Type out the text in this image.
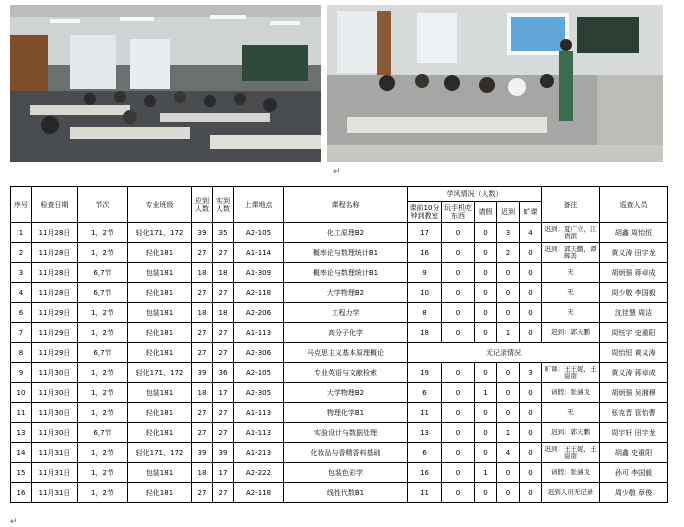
↵
序号	检查日期	节次	专业班级	应到人数	实到人数	上课地点	课程名称	学风情况（人数）					备注	巡查人员
								课前10分钟到教室	玩手机吃东西	请假	迟到	旷课		
1	11月28日	1，2节	轻化171、172	39	35	A2-105	化工原理B2	17	0	0	3	4	迟到：夏广立，江语滨	胡鑫 周怡恒
2	11月28日	1，2节	轻化181	27	27	A1-114	概率论与数理统计B1	16	0	0	2	0	迟到：郭天鹏，谭辉善	黄义涛 田宇龙
3	11月28日	6,7节	包装181	18	18	A1-309	概率论与数理统计B1	9	0	0	0	0	无	胡炳强 蒋卓成
4	11月28日	6,7节	轻化181	27	27	A2-118	大学物理B2	10	0	0	0	0	无	周少敬 李国毅
6	11月29日	1，2节	包装181	18	18	A2-206	工程力学	8	0	0	0	0	无	沈佳慧 周洁
7	11月29日	1，2节	轻化181	27	27	A1-113	高分子化学	18	0	0	1	0	迟到：郭天鹏	周钰宇 史重阳
8	11月29日	6,7节	轻化181	27	27	A2-306	马克思主义基本原理概论	无记录情况						周怡恒 黄义涛
9	11月30日	1，2节	轻化171、172	39	36	A2-105	专业英语与文献检索	19	0	0	0	3	旷课：王王妮，王姿南	黄义涛 蒋卓成
10	11月30日	1，2节	包装181	18	17	A2-305	大学物理B2	6	0	1	0	0	请假：张涵戈	胡炳强 吴湘穆
11	11月30日	1，2节	轻化181	27	27	A1-113	物理化学B1	11	0	0	0	0	无	张克晋 管怡曹
13	11月30日	6,7节	轻化181	27	27	A1-113	实验设计与数据处理	13	0	0	1	0	迟到：郭天鹏	周宇轩 田宇龙
14	11月31日	1，2节	轻化171、172	39	39	A1-213	化妆品与香精香料基础	6	0	0	4	0	迟到：王王妮，王姿南	胡鑫 史重阳
15	11月31日	1，2节	包装181	18	17	A2-222	包装色彩学	16	0	1	0	0	请假：张涵戈	孙可 李国毅
16	11月31日	1，2节	轻化181	27	27	A2-118	线性代数B1	11	0	0	0	0	迟到人员无记录	周少敬 章俊
↵
